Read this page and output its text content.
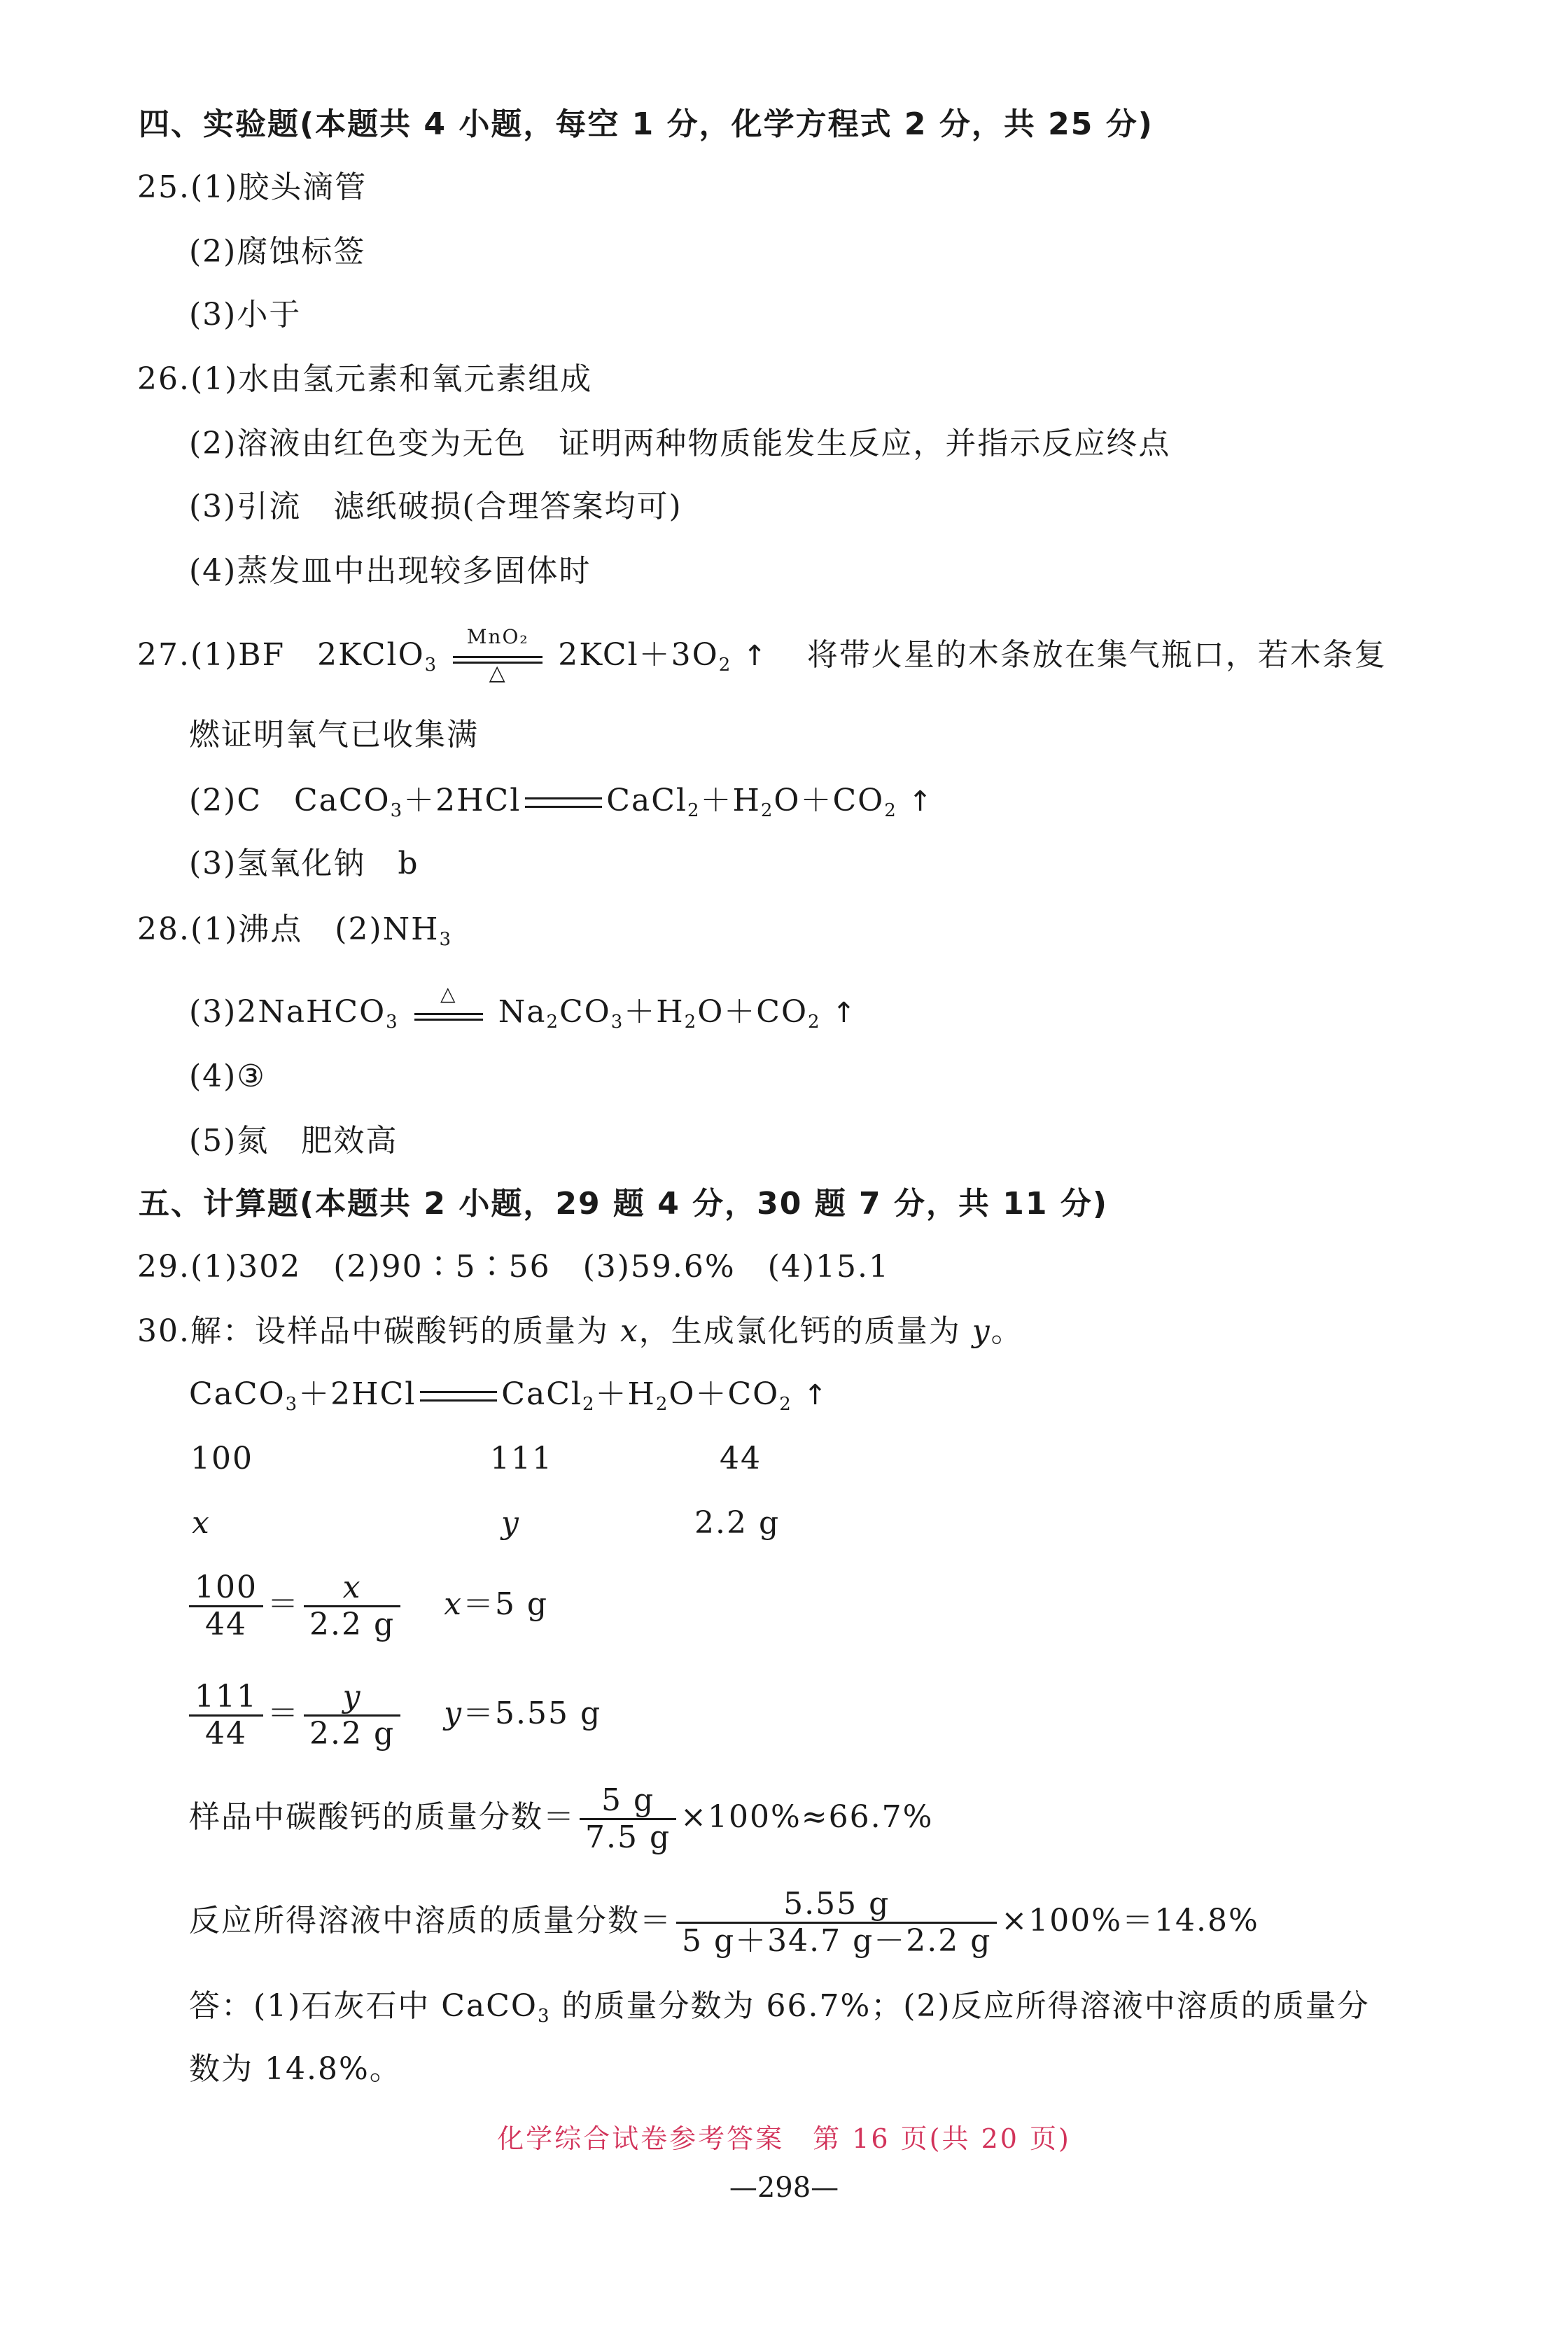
四、实验题(本题共 4 小题，每空 1 分，化学方程式 2 分，共 25 分)
25.(1)胶头滴管
(2)腐蚀标签
(3)小于
26.(1)水由氢元素和氧元素组成
(2)溶液由红色变为无色　证明两种物质能发生反应，并指示反应终点
(3)引流　滤纸破损(合理答案均可)
(4)蒸发皿中出现较多固体时
27.(1)BF　2KClO$_3$
MnO₂
△	$2KCl+3O_2$ ↑ 将带火星的木条放在集气瓶口，若木条复
燃证明氧气已收集满
(2)C　CaCO$_3$＋2HCl	$CaCl_2+H_2O+CO_2$ ↑
(3)氢氧化钠　b
28.(1)沸点　$(2)NH_3$
(3)2NaHCO$_3$
△
$Na_2CO_3+H_2O+CO_2$ ↑
(4)③
(5)氮　肥效高
五、计算题(本题共 2 小题，29 题 4 分，30 题 7 分，共 11 分)
29.(1)302　(2)90∶5∶56　(3)59.6%　(4)15.1
30.解：设样品中碳酸钙的质量为 x，生成氯化钙的质量为 y。
CaCO$_3$＋2HCl	$CaCl_2+H_2O+CO_2$ ↑
100	111	44
x	y	2.2 g
$\frac{100}{44} = \frac{x}{2.2 g} x=5$ g
$\frac{111}{44} = \frac{y}{2.2 g} y=5.55$ g
样品中碳酸钙的质量分数＝ $\frac{5 g}{7.5 g} \times 100\%\approx 66.7\%$
反应所得溶液中溶质的质量分数＝ $\frac{5.55 g}{5 g+34.7 g-2.2 g} \times 100\%=14.8\%$
答：(1)石灰石中 CaCO$_3$ 的质量分数为 66.7%；(2)反应所得溶液中溶质的质量分
数为 14.8%。
化学综合试卷参考答案　第 16 页(共 20 页)
—298—
